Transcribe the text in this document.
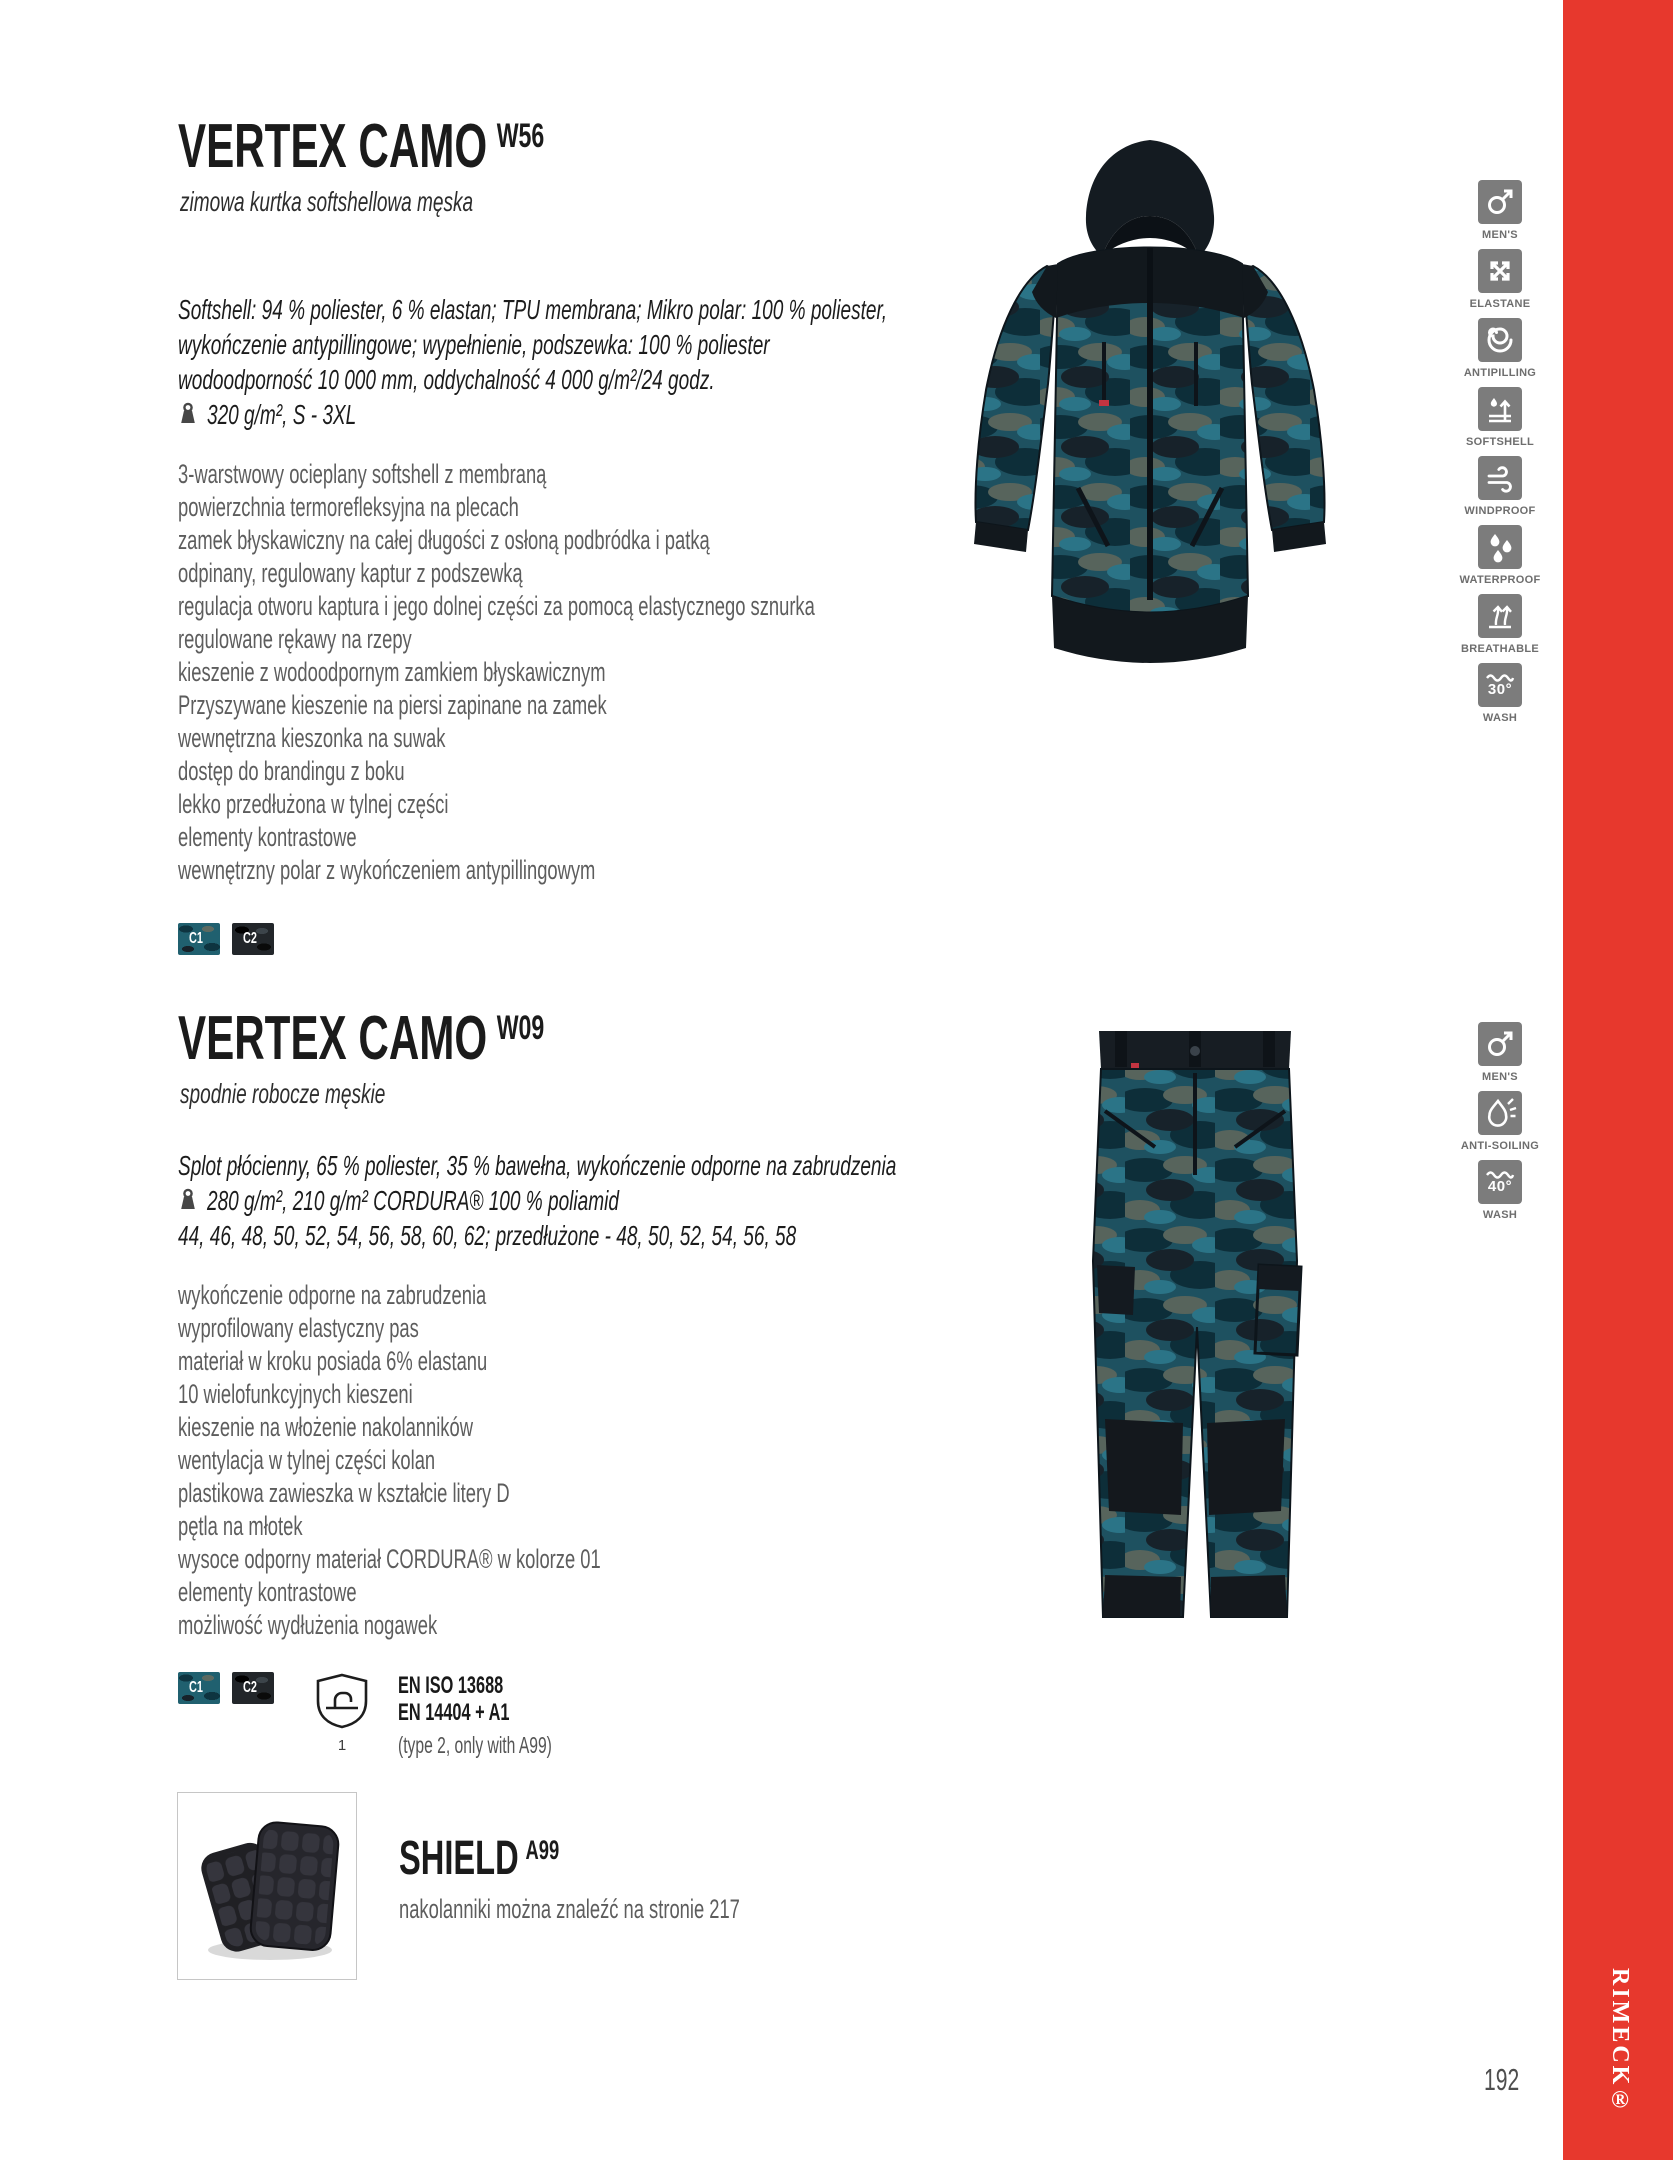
VERTEX CAMO W56
zimowa kurtka softshellowa męska
Softshell: 94 % poliester, 6 % elastan; TPU membrana; Mikro polar: 100 % poliester,
wykończenie antypillingowe; wypełnienie, podszewka: 100 % poliester
wodoodporność 10 000 mm, oddychalność 4 000 g/m²/24 godz.
320 g/m², S - 3XL
3-warstwowy ocieplany softshell z membraną
powierzchnia termorefleksyjna na plecach
zamek błyskawiczny na całej długości z osłoną podbródka i patką
odpinany, regulowany kaptur z podszewką
regulacja otworu kaptura i jego dolnej części za pomocą elastycznego sznurka
regulowane rękawy na rzepy
kieszenie z wodoodpornym zamkiem błyskawicznym
Przyszywane kieszenie na piersi zapinane na zamek
wewnętrzna kieszonka na suwak
dostęp do brandingu z boku
lekko przedłużona w tylnej części
elementy kontrastowe
wewnętrzny polar z wykończeniem antypillingowym
C1	C2
MEN'S
ELASTANE
ANTIPILLING
SOFTSHELL
WINDPROOF
WATERPROOF
BREATHABLE
30°
WASH
VERTEX CAMO W09
spodnie robocze męskie
Splot płócienny, 65 % poliester, 35 % bawełna, wykończenie odporne na zabrudzenia
280 g/m², 210 g/m² CORDURA® 100 % poliamid
44, 46, 48, 50, 52, 54, 56, 58, 60, 62; przedłużone - 48, 50, 52, 54, 56, 58
wykończenie odporne na zabrudzenia
wyprofilowany elastyczny pas
materiał w kroku posiada 6% elastanu
10 wielofunkcyjnych kieszeni
kieszenie na włożenie nakolanników
wentylacja w tylnej części kolan
plastikowa zawieszka w kształcie litery D
pętla na młotek
wysoce odporny materiał CORDURA® w kolorze 01
elementy kontrastowe
możliwość wydłużenia nogawek
C1	C2
1
EN ISO 13688
EN 14404 + A1
(type 2, only with A99)
MEN'S
ANTI-SOILING
40°
WASH
SHIELD A99
nakolanniki można znaleźć na stronie 217
RIMECK®
192
